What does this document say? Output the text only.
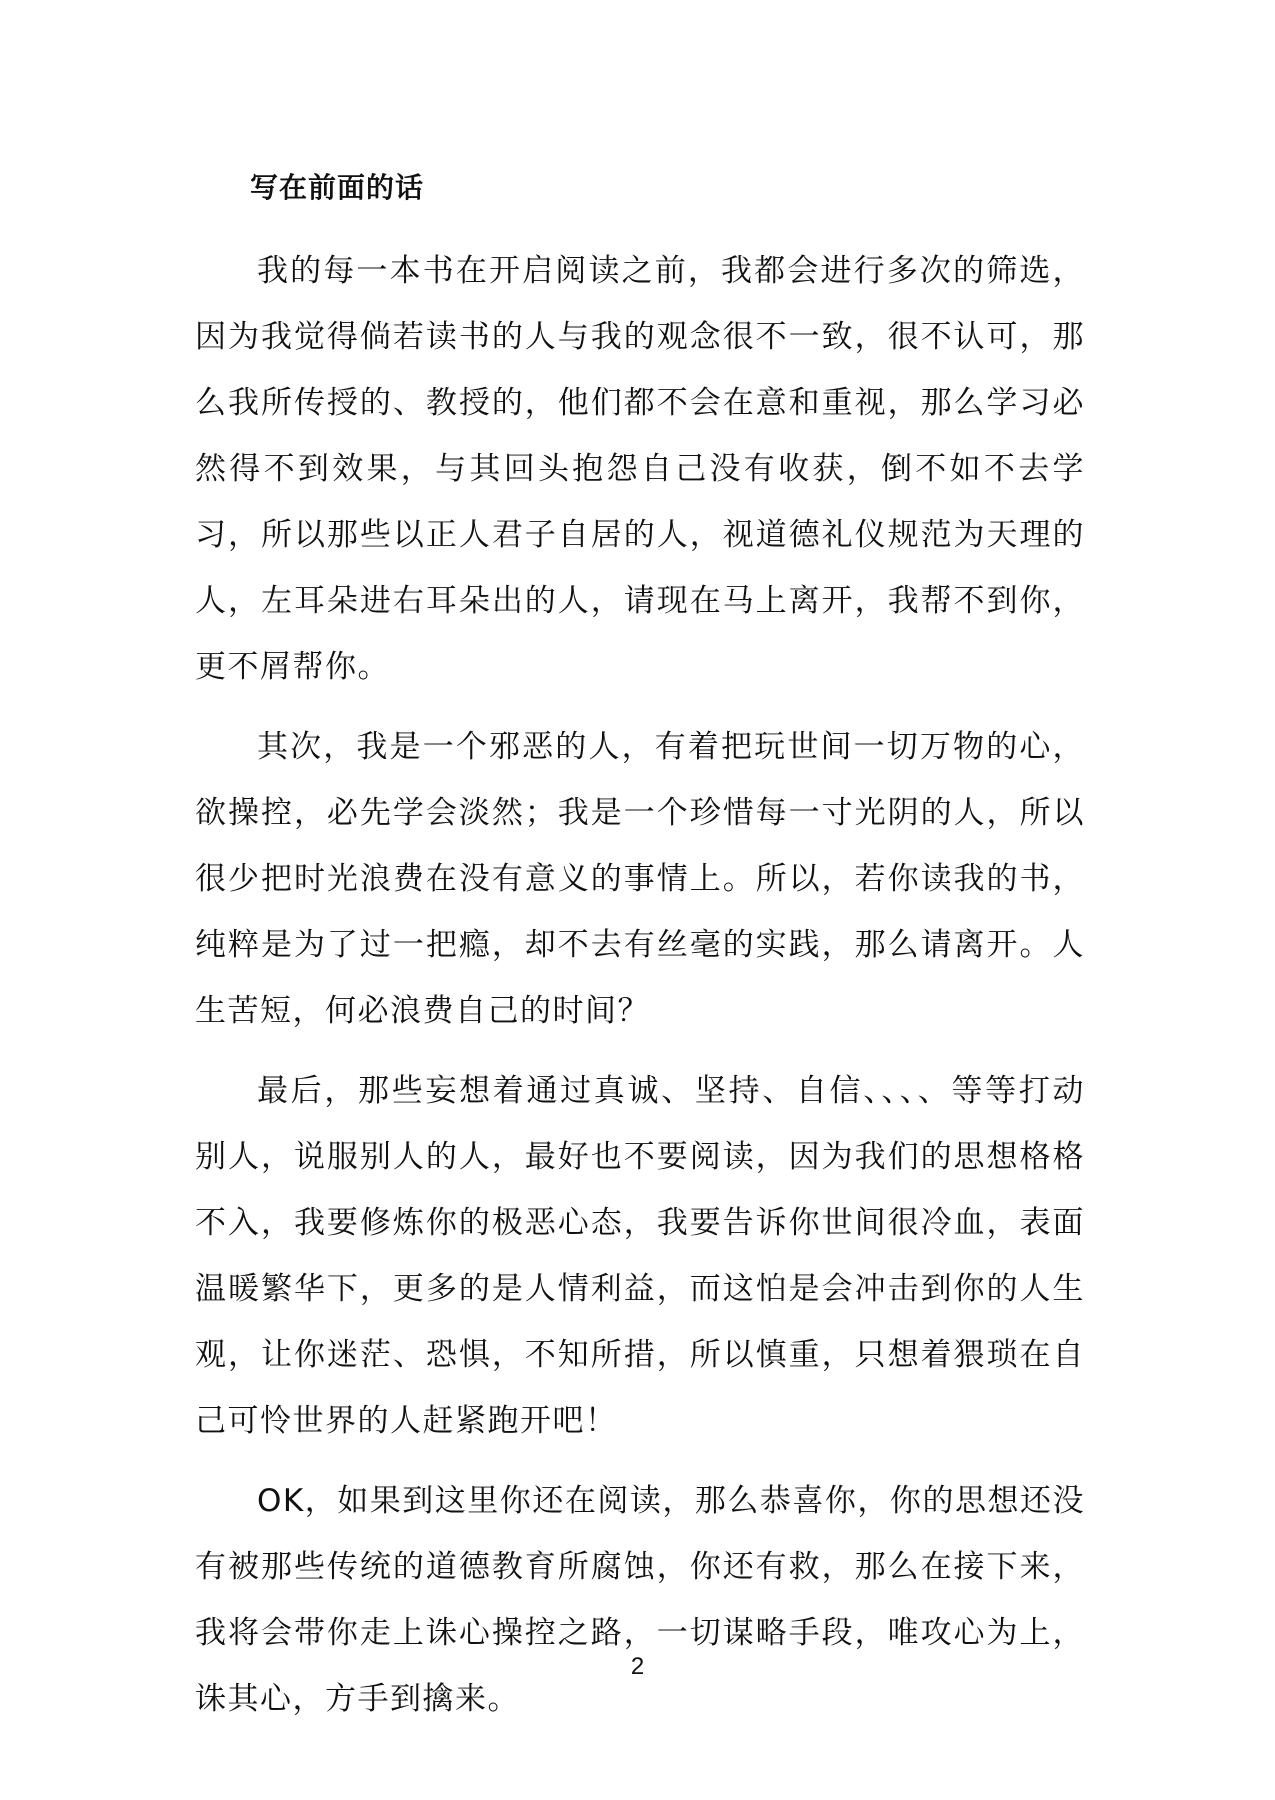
写在前面的话

我的每一本书在开启阅读之前，我都会进行多次的筛选，因为我觉得倘若读书的人与我的观念很不一致，很不认可，那么我所传授的、教授的，他们都不会在意和重视，那么学习必然得不到效果，与其回头抱怨自己没有收获，倒不如不去学习，所以那些以正人君子自居的人，视道德礼仪规范为天理的人，左耳朵进右耳朵出的人，请现在马上离开，我帮不到你，更不屑帮你。

其次，我是一个邪恶的人，有着把玩世间一切万物的心，欲操控，必先学会淡然；我是一个珍惜每一寸光阴的人，所以很少把时光浪费在没有意义的事情上。所以，若你读我的书，纯粹是为了过一把瘾，却不去有丝毫的实践，那么请离开。人生苦短，何必浪费自己的时间？

最后，那些妄想着通过真诚、坚持、自信、、、、等等打动别人，说服别人的人，最好也不要阅读，因为我们的思想格格不入，我要修炼你的极恶心态，我要告诉你世间很冷血，表面温暖繁华下，更多的是人情利益，而这怕是会冲击到你的人生观，让你迷茫、恐惧，不知所措，所以慎重，只想着猥琐在自己可怜世界的人赶紧跑开吧！

OK，如果到这里你还在阅读，那么恭喜你，你的思想还没有被那些传统的道德教育所腐蚀，你还有救，那么在接下来，我将会带你走上诛心操控之路，一切谋略手段，唯攻心为上，诛其心，方手到擒来。

2
